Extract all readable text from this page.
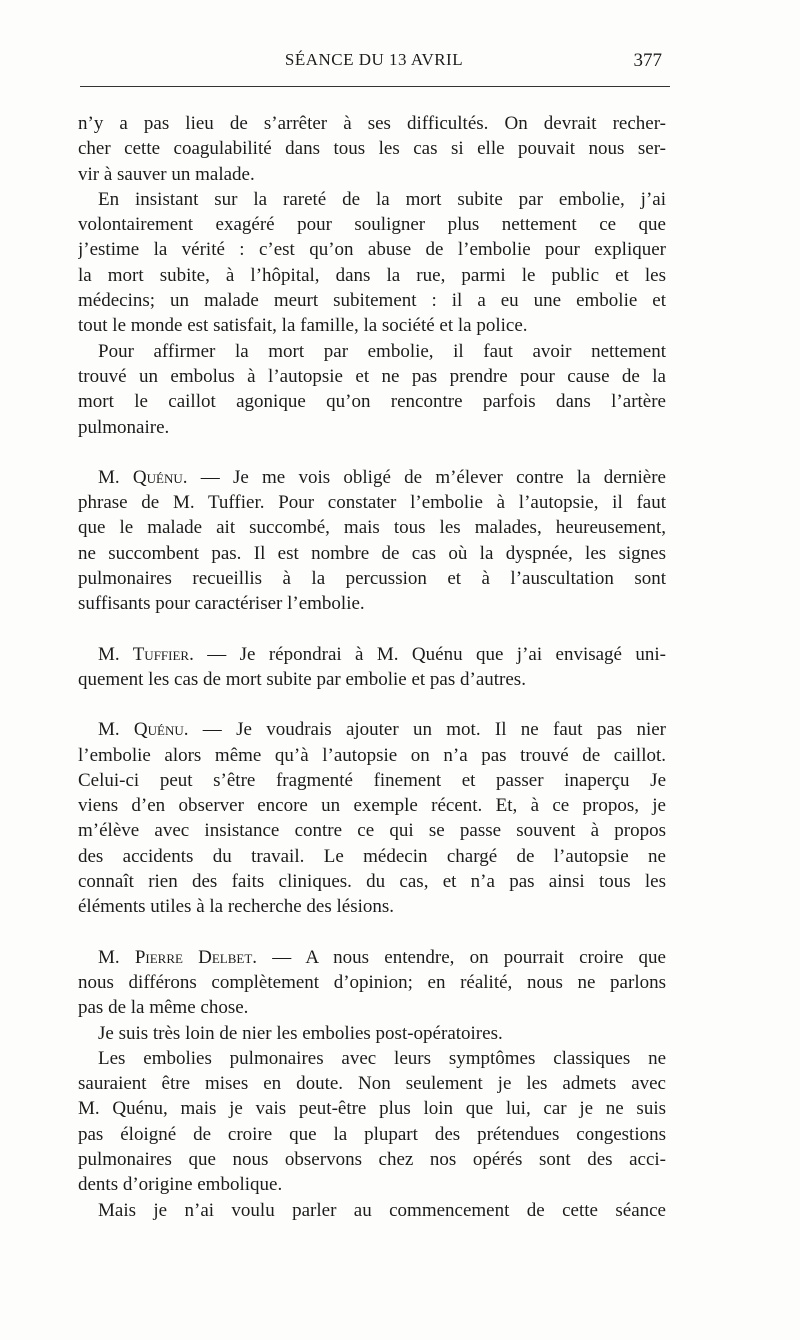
SÉANCE DU 13 AVRIL	377
n’y a pas lieu de s’arrêter à ses difficultés. On devrait recher-
cher cette coagulabilité dans tous les cas si elle pouvait nous ser-
vir à sauver un malade.
En insistant sur la rareté de la mort subite par embolie, j’ai
volontairement exagéré pour souligner plus nettement ce que
j’estime la vérité : c’est qu’on abuse de l’embolie pour expliquer
la mort subite, à l’hôpital, dans la rue, parmi le public et les
médecins; un malade meurt subitement : il a eu une embolie et
tout le monde est satisfait, la famille, la société et la police.
Pour affirmer la mort par embolie, il faut avoir nettement
trouvé un embolus à l’autopsie et ne pas prendre pour cause de la
mort le caillot agonique qu’on rencontre parfois dans l’artère
pulmonaire.
M. Quénu. — Je me vois obligé de m’élever contre la dernière
phrase de M. Tuffier. Pour constater l’embolie à l’autopsie, il faut
que le malade ait succombé, mais tous les malades, heureusement,
ne succombent pas. Il est nombre de cas où la dyspnée, les signes
pulmonaires recueillis à la percussion et à l’auscultation sont
suffisants pour caractériser l’embolie.
M. Tuffier. — Je répondrai à M. Quénu que j’ai envisagé uni-
quement les cas de mort subite par embolie et pas d’autres.
M. Quénu. — Je voudrais ajouter un mot. Il ne faut pas nier
l’embolie alors même qu’à l’autopsie on n’a pas trouvé de caillot.
Celui-ci peut s’être fragmenté finement et passer inaperçu Je
viens d’en observer encore un exemple récent. Et, à ce propos, je
m’élève avec insistance contre ce qui se passe souvent à propos
des accidents du travail. Le médecin chargé de l’autopsie ne
connaît rien des faits cliniques. du cas, et n’a pas ainsi tous les
éléments utiles à la recherche des lésions.
M. Pierre Delbet. — A nous entendre, on pourrait croire que
nous différons complètement d’opinion; en réalité, nous ne parlons
pas de la même chose.
Je suis très loin de nier les embolies post-opératoires.
Les embolies pulmonaires avec leurs symptômes classiques ne
sauraient être mises en doute. Non seulement je les admets avec
M. Quénu, mais je vais peut-être plus loin que lui, car je ne suis
pas éloigné de croire que la plupart des prétendues congestions
pulmonaires que nous observons chez nos opérés sont des acci-
dents d’origine embolique.
Mais je n’ai voulu parler au commencement de cette séance
